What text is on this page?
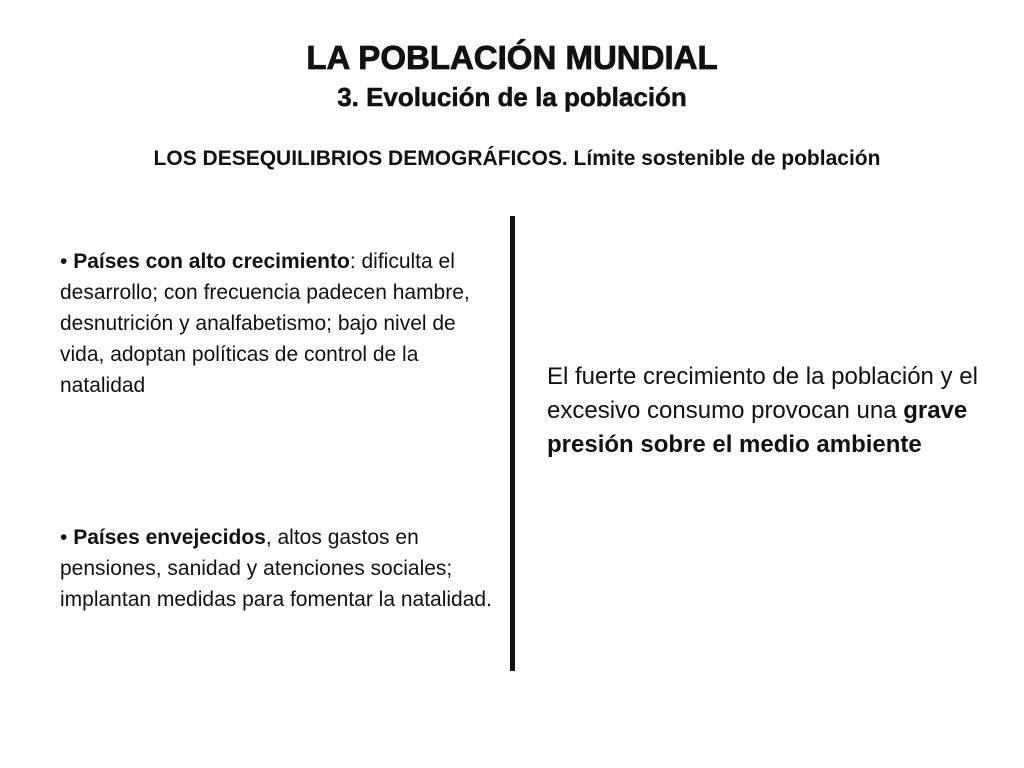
LA POBLACIÓN MUNDIAL
3. Evolución de la población
LOS DESEQUILIBRIOS DEMOGRÁFICOS. Límite sostenible de población
• Países con alto crecimiento: dificulta el desarrollo; con frecuencia padecen hambre, desnutrición y analfabetismo; bajo nivel de vida, adoptan políticas de control de la natalidad
• Países envejecidos, altos gastos en pensiones, sanidad y atenciones sociales; implantan medidas para fomentar la natalidad.
El fuerte crecimiento de la población y el excesivo consumo provocan una grave presión sobre el medio ambiente
